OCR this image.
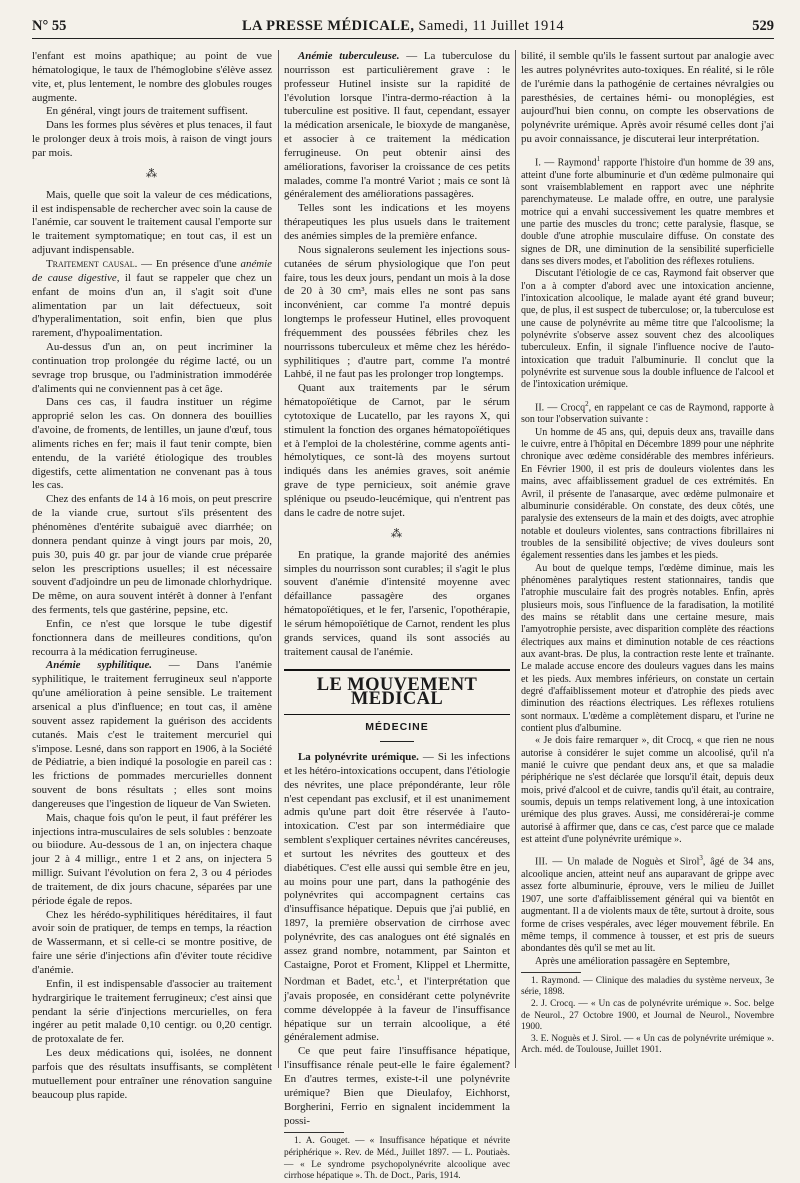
N° 55	LA PRESSE MÉDICALE, Samedi, 11 Juillet 1914	529

l'enfant est moins apathique; au point de vue hématologique, le taux de l'hémoglobine s'élève assez vite, et, plus lentement, le nombre des globules rouges augmente.

En général, vingt jours de traitement suffisent.

Dans les formes plus sévères et plus tenaces, il faut le prolonger deux à trois mois, à raison de vingt jours par mois.

⁂

Mais, quelle que soit la valeur de ces médications, il est indispensable de rechercher avec soin la cause de l'anémie, car souvent le traitement causal l'emporte sur le traitement symptomatique; en tout cas, il est un adjuvant indispensable.

Traitement causal. — En présence d'une anémie de cause digestive, il faut se rappeler que chez un enfant de moins d'un an, il s'agit soit d'une alimentation par un lait défectueux, soit d'hyperalimentation, soit enfin, bien que plus rarement, d'hypoalimentation.

Au-dessus d'un an, on peut incriminer la continuation trop prolongée du régime lacté, ou un sevrage trop brusque, ou l'administration immodérée d'aliments qui ne conviennent pas à cet âge.

Dans ces cas, il faudra instituer un régime approprié selon les cas. On donnera des bouillies d'avoine, de froments, de lentilles, un jaune d'œuf, tous aliments riches en fer; mais il faut tenir compte, bien entendu, de la variété étiologique des troubles digestifs, cette alimentation ne convenant pas à tous les cas.

Chez des enfants de 14 à 16 mois, on peut prescrire de la viande crue, surtout s'ils présentent des phénomènes d'entérite subaiguë avec diarrhée; on donnera pendant quinze à vingt jours par mois, 20, puis 30, puis 40 gr. par jour de viande crue préparée selon les prescriptions usuelles; il est nécessaire souvent d'adjoindre un peu de limonade chlorhydrique. De même, on aura souvent intérêt à donner à l'enfant des ferments, tels que gastérine, pepsine, etc.

Enfin, ce n'est que lorsque le tube digestif fonctionnera dans de meilleures conditions, qu'on recourra à la médication ferrugineuse.

Anémie syphilitique. — Dans l'anémie syphilitique, le traitement ferrugineux seul n'apporte qu'une amélioration à peine sensible. Le traitement arsenical a plus d'influence; en tout cas, il amène souvent assez rapidement la guérison des accidents cutanés. Mais c'est le traitement mercuriel qui s'impose. Lesné, dans son rapport en 1906, à la Société de Pédiatrie, a bien indiqué la posologie en pareil cas : les frictions de pommades mercurielles donnent souvent de bons résultats ; elles sont moins dangereuses que l'ingestion de liqueur de Van Swieten.

Mais, chaque fois qu'on le peut, il faut préférer les injections intra-musculaires de sels solubles : benzoate ou biiodure. Au-dessous de 1 an, on injectera chaque jour 2 à 4 milligr., entre 1 et 2 ans, on injectera 5 milligr. Suivant l'évolution on fera 2, 3 ou 4 périodes de traitement, de dix jours chacune, séparées par une période égale de repos.

Chez les hérédo-syphilitiques héréditaires, il faut avoir soin de pratiquer, de temps en temps, la réaction de Wassermann, et si celle-ci se montre positive, de faire une série d'injections afin d'éviter toute récidive d'anémie.

Enfin, il est indispensable d'associer au traitement hydrargirique le traitement ferrugineux; c'est ainsi que pendant la série d'injections mercurielles, on fera ingérer au petit malade 0,10 centigr. ou 0,20 centigr. de protoxalate de fer.

Les deux médications qui, isolées, ne donnent parfois que des résultats insuffisants, se complètent mutuellement pour entraîner une rénovation sanguine beaucoup plus rapide.

Anémie tuberculeuse. — La tuberculose du nourrisson est particulièrement grave : le professeur Hutinel insiste sur la rapidité de l'évolution lorsque l'intra-dermo-réaction à la tuberculine est positive. Il faut, cependant, essayer la médication arsenicale, le bioxyde de manganèse, et associer à ce traitement la médication ferrugineuse. On peut obtenir ainsi des améliorations, favoriser la croissance de ces petits malades, comme l'a montré Variot ; mais ce sont là généralement des améliorations passagères.

Telles sont les indications et les moyens thérapeutiques les plus usuels dans le traitement des anémies simples de la première enfance.

Nous signalerons seulement les injections sous-cutanées de sérum physiologique que l'on peut faire, tous les deux jours, pendant un mois à la dose de 20 à 30 cm³, mais elles ne sont pas sans inconvénient, car comme l'a montré depuis longtemps le professeur Hutinel, elles provoquent fréquemment des poussées fébriles chez les nourrissons tuberculeux et même chez les hérédo-syphilitiques ; d'autre part, comme l'a montré Lahbé, il ne faut pas les prolonger trop longtemps.

Quant aux traitements par le sérum hématopoïétique de Carnot, par le sérum cytotoxique de Lucatello, par les rayons X, qui stimulent la fonction des organes hématopoïétiques et à l'emploi de la cholestérine, comme agents anti-hémolytiques, ce sont-là des moyens surtout indiqués dans les anémies graves, soit anémie grave de type pernicieux, soit anémie grave splénique ou pseudo-leucémique, qui n'entrent pas dans le cadre de notre sujet.

⁂

En pratique, la grande majorité des anémies simples du nourrisson sont curables; il s'agit le plus souvent d'anémie d'intensité moyenne avec défaillance passagère des organes hématopoïétiques, et le fer, l'arsenic, l'opothérapie, le sérum hémopoïétique de Carnot, rendent les plus grands services, quand ils sont associés au traitement causal de l'anémie.

LE MOUVEMENT MÉDICAL
MÉDECINE

La polynévrite urémique. — Si les infections et les hétéro-intoxications occupent, dans l'étiologie des névrites, une place prépondérante, leur rôle n'est cependant pas exclusif, et il est unanimement admis qu'une part doit être réservée à l'auto-intoxication. C'est par son intermédiaire que semblent s'expliquer certaines névrites cancéreuses, et surtout les névrites des goutteux et des diabétiques. C'est elle aussi qui semble être en jeu, au moins pour une part, dans la pathogénie des polynévrites qui accompagnent certains cas d'insuffisance hépatique. Depuis que j'ai publié, en 1897, la première observation de cirrhose avec polynévrite, des cas analogues ont été signalés en assez grand nombre, notamment, par Sainton et Castaigne, Porot et Froment, Klippel et Lhermitte, Nordman et Badet, etc.$^1$, et l'interprétation que j'avais proposée, en considérant cette polynévrite comme développée à la faveur de l'insuffisance hépatique sur un terrain alcoolique, a été généralement admise.

Ce que peut faire l'insuffisance hépatique, l'insuffisance rénale peut-elle le faire également? En d'autres termes, existe-t-il une polynévrite urémique? Bien que Dieulafoy, Eichhorst, Borgherini, Ferrio en signalent incidemment la possi-

1. A. Gouget. — « Insuffisance hépatique et névrite périphérique ». Rev. de Méd., Juillet 1897. — L. Poutiaès. — « Le syndrome psychopolynévrite alcoolique avec cirrhose hépatique ». Th. de Doct., Paris, 1914.

bilité, il semble qu'ils le fassent surtout par analogie avec les autres polynévrites auto-toxiques. En réalité, si le rôle de l'urémie dans la pathogénie de certaines névralgies ou paresthésies, de certaines hémi- ou monoplégies, est aujourd'hui bien connu, on compte les observations de polynévrite urémique. Après avoir résumé celles dont j'ai pu avoir connaissance, je discuterai leur interprétation.

I. — Raymond$^1$ rapporte l'histoire d'un homme de 39 ans, atteint d'une forte albuminurie et d'un œdème pulmonaire qui sont vraisemblablement en rapport avec une néphrite parenchymateuse. Le malade offre, en outre, une paralysie motrice qui a envahi successivement les quatre membres et une partie des muscles du tronc; cette paralysie, flasque, se double d'une atrophie musculaire diffuse. On constate des signes de DR, une diminution de la sensibilité superficielle dans ses divers modes, et l'abolition des réflexes rotuliens.

Discutant l'étiologie de ce cas, Raymond fait observer que l'on a à compter d'abord avec une intoxication ancienne, l'intoxication alcoolique, le malade ayant été grand buveur; que, de plus, il est suspect de tuberculose; or, la tuberculose est une cause de polynévrite au même titre que l'alcoolisme; la polynévrite s'observe assez souvent chez des alcooliques tuberculeux. Enfin, il signale l'influence nocive de l'auto-intoxication que traduit l'albuminurie. Il conclut que la polynévrite est survenue sous la double influence de l'alcool et de l'intoxication urémique.

II. — Crocq$^2$, en rappelant ce cas de Raymond, rapporte à son tour l'observation suivante :

Un homme de 45 ans, qui, depuis deux ans, travaille dans le cuivre, entre à l'hôpital en Décembre 1899 pour une néphrite chronique avec œdème considérable des membres inférieurs. En Février 1900, il est pris de douleurs violentes dans les mains, avec affaiblissement graduel de ces extrémités. En Avril, il présente de l'anasarque, avec œdème pulmonaire et albuminurie considérable. On constate, des deux côtés, une paralysie des extenseurs de la main et des doigts, avec atrophie notable et douleurs violentes, sans contractions fibrillaires ni troubles de la sensibilité objective; de vives douleurs sont également ressenties dans les jambes et les pieds.

Au bout de quelque temps, l'œdème diminue, mais les phénomènes paralytiques restent stationnaires, tandis que l'atrophie musculaire fait des progrès notables. Enfin, après plusieurs mois, sous l'influence de la faradisation, la motilité des mains se rétablit dans une certaine mesure, mais l'amyotrophie persiste, avec disparition complète des réactions électriques aux mains et diminution notable de ces réactions aux avant-bras. De plus, la contraction reste lente et traînante. Le malade accuse encore des douleurs vagues dans les mains et les pieds. Aux membres inférieurs, on constate un certain degré d'affaiblissement moteur et d'atrophie des pieds avec diminution des réactions électriques. Les réflexes rotuliens sont normaux. L'œdème a complètement disparu, et l'urine ne contient plus d'albumine.

« Je dois faire remarquer », dit Crocq, « que rien ne nous autorise à considérer le sujet comme un alcoolisé, qu'il n'a manié le cuivre que pendant deux ans, et que sa maladie périphérique ne s'est déclarée que lorsqu'il était, depuis deux mois, privé d'alcool et de cuivre, tandis qu'il était, au contraire, soumis, depuis un temps relativement long, à une intoxication urémique des plus graves. Aussi, me considérerai-je comme autorisé à affirmer que, dans ce cas, c'est parce que ce malade est atteint d'une polynévrite urémique ».

III. — Un malade de Noguès et Sirol$^3$, âgé de 34 ans, alcoolique ancien, atteint neuf ans auparavant de grippe avec assez forte albuminurie, éprouve, vers le milieu de Juillet 1907, une sorte d'affaiblissement général qui va bientôt en augmentant. Il a de violents maux de tête, surtout à droite, sous forme de crises vespérales, avec léger mouvement fébrile. En même temps, il commence à tousser, et est pris de sueurs abondantes dès qu'il se met au lit.

Après une amélioration passagère en Septembre,

1. Raymond. — Clinique des maladies du système nerveux, 3e série, 1898.

2. J. Crocq. — « Un cas de polynévrite urémique ». Soc. belge de Neurol., 27 Octobre 1900, et Journal de Neurol., Novembre 1900.

3. E. Noguès et J. Sirol. — « Un cas de polynévrite urémique ». Arch. méd. de Toulouse, Juillet 1901.
